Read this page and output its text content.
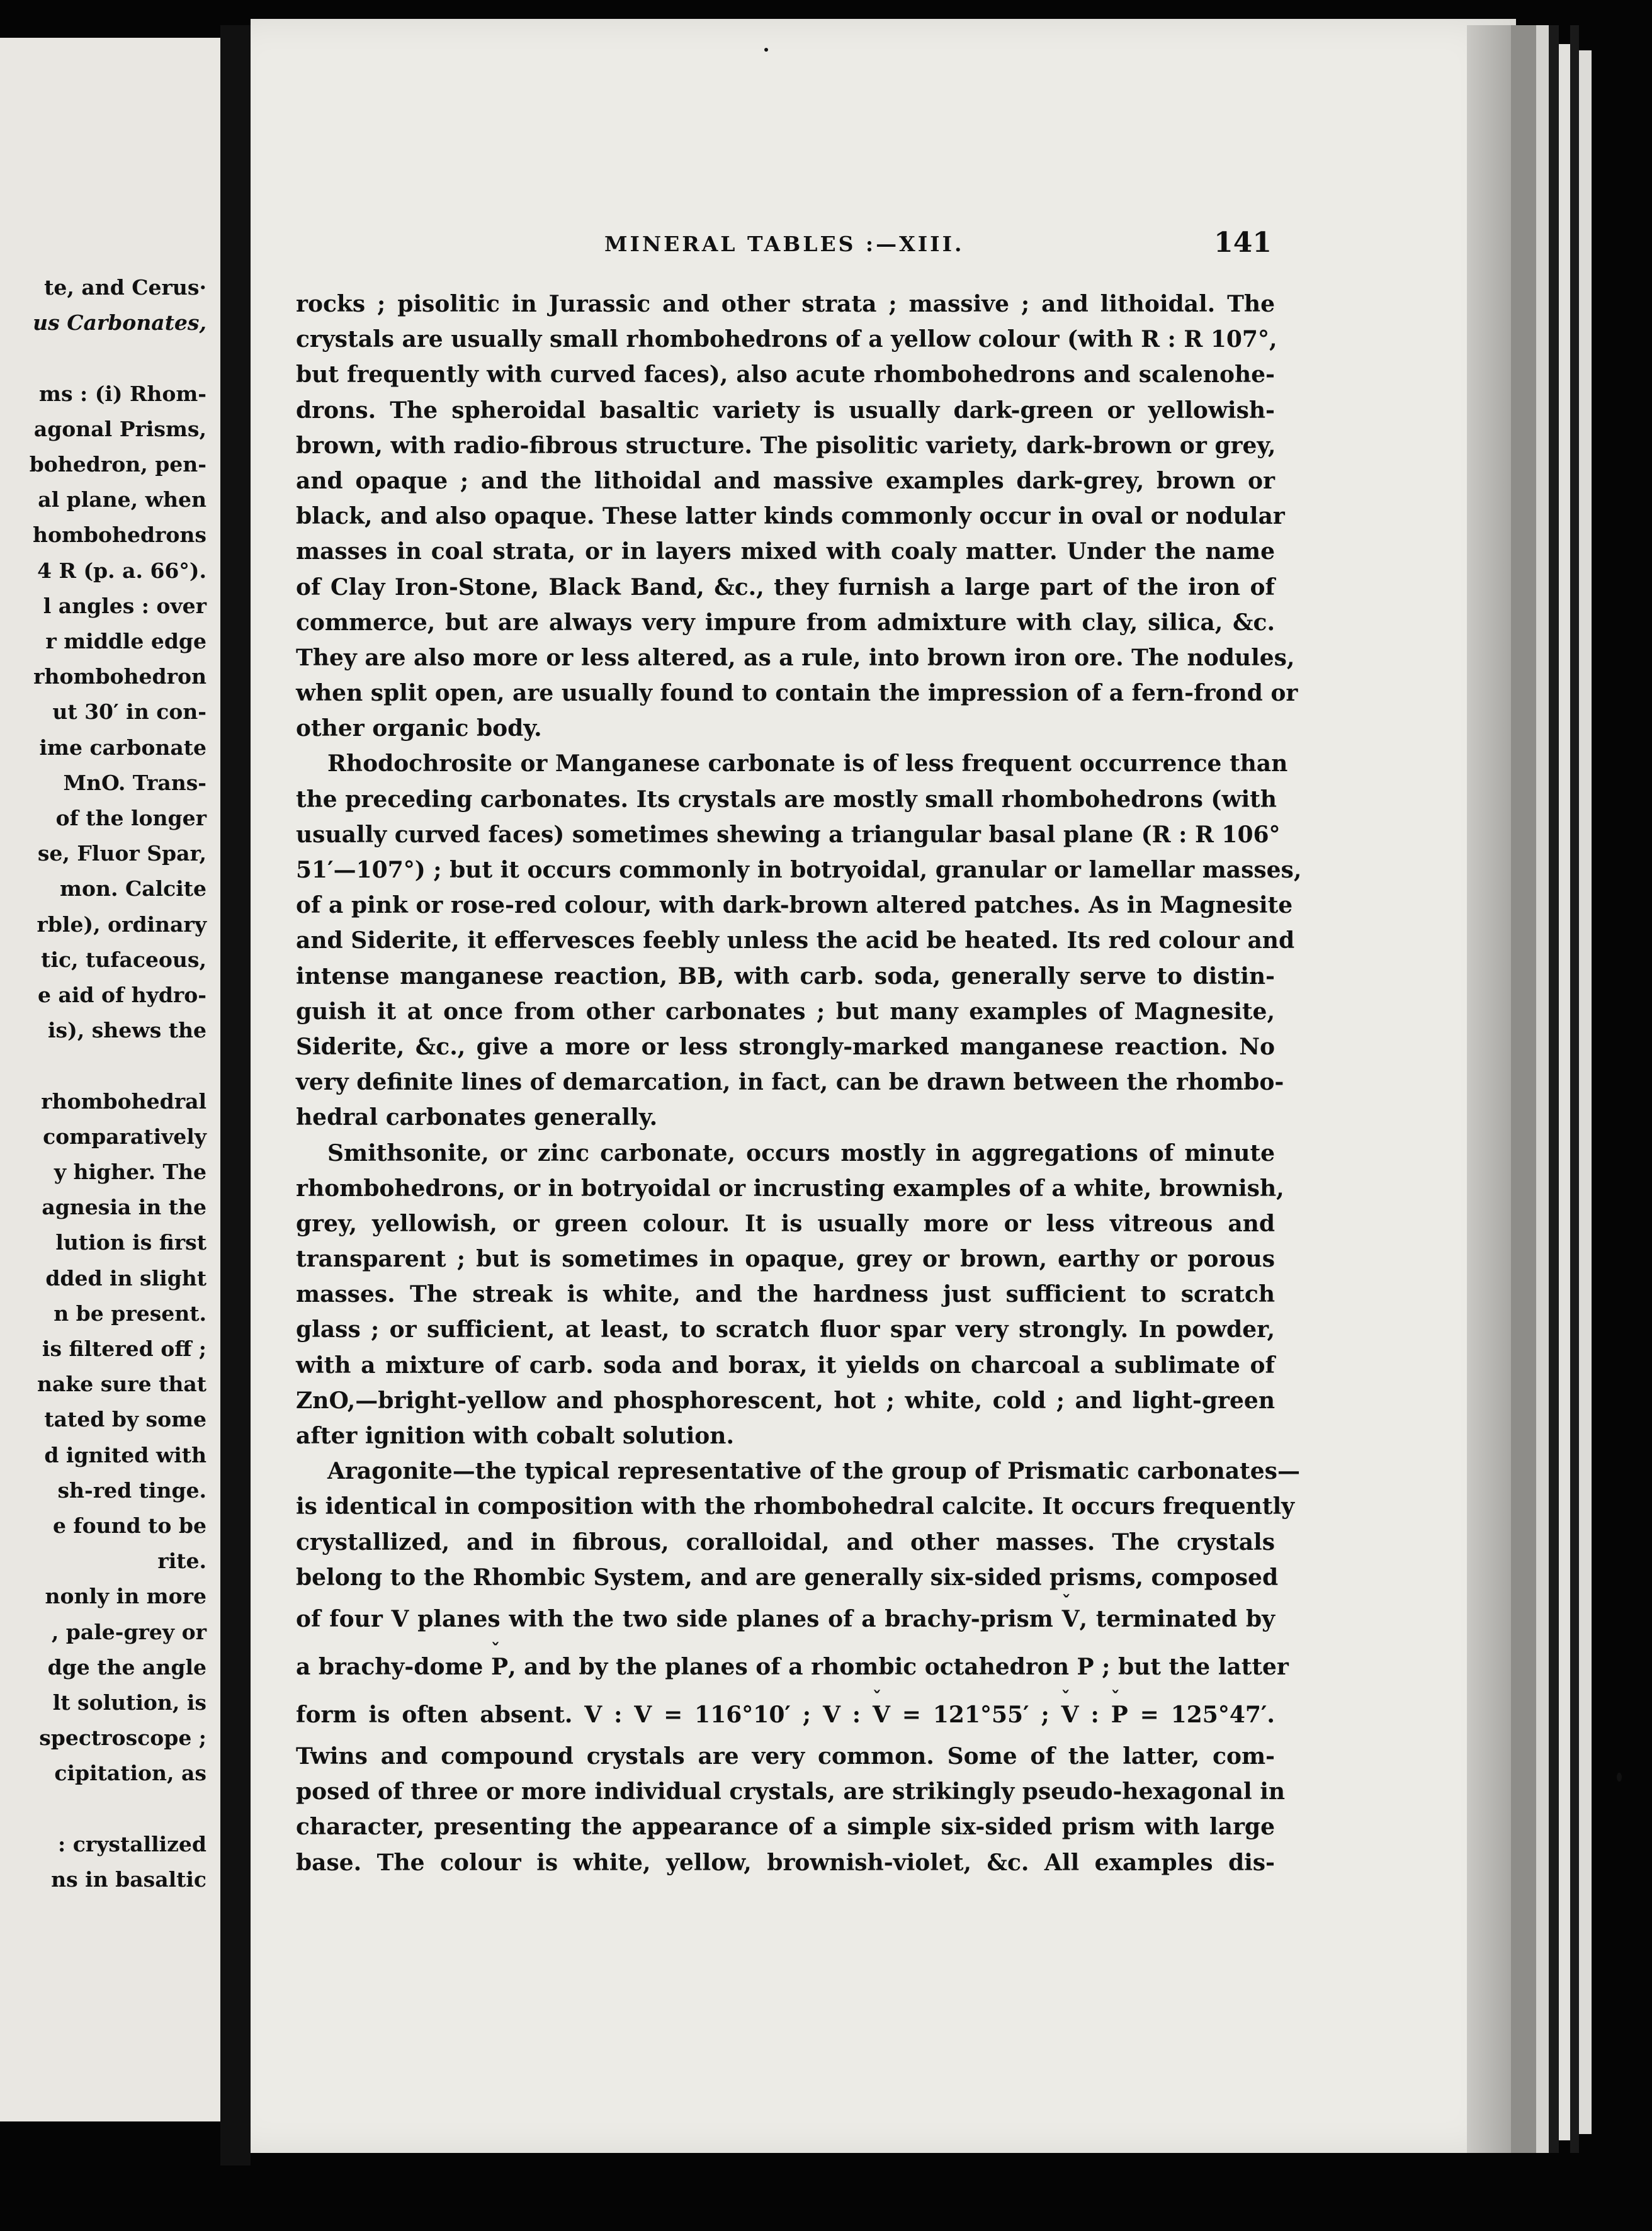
te, and Cerus·
us Carbonates,
ms : (i) Rhom-
agonal Prisms,
bohedron, pen-
al plane, when
hombohedrons
4 R (p. a. 66°).
l angles : over
r middle edge
rhombohedron
ut 30′ in con-
ime carbonate
MnO. Trans-
of the longer
se, Fluor Spar,
mon. Calcite
rble), ordinary
tic, tufaceous,
e aid of hydro-
is), shews the
rhombohedral
comparatively
y higher. The
agnesia in the
lution is first
dded in slight
n be present.
is filtered off ;
nake sure that
tated by some
d ignited with
sh-red tinge.
e found to be
rite.
nonly in more
, pale-grey or
dge the angle
lt solution, is
spectroscope ;
cipitation, as
: crystallized
ns in basaltic
MINERAL TABLES :—XIII.	141
rocks ; pisolitic in Jurassic and other strata ; massive ; and lithoidal. The
crystals are usually small rhombohedrons of a yellow colour (with R : R 107°,
but frequently with curved faces), also acute rhombohedrons and scalenohe-
drons. The spheroidal basaltic variety is usually dark-green or yellowish-
brown, with radio-fibrous structure. The pisolitic variety, dark-brown or grey,
and opaque ; and the lithoidal and massive examples dark-grey, brown or
black, and also opaque. These latter kinds commonly occur in oval or nodular
masses in coal strata, or in layers mixed with coaly matter. Under the name
of Clay Iron-Stone, Black Band, &c., they furnish a large part of the iron of
commerce, but are always very impure from admixture with clay, silica, &c.
They are also more or less altered, as a rule, into brown iron ore. The nodules,
when split open, are usually found to contain the impression of a fern-frond or
other organic body.
Rhodochrosite or Manganese carbonate is of less frequent occurrence than
the preceding carbonates. Its crystals are mostly small rhombohedrons (with
usually curved faces) sometimes shewing a triangular basal plane (R : R 106°
51′—107°) ; but it occurs commonly in botryoidal, granular or lamellar masses,
of a pink or rose-red colour, with dark-brown altered patches. As in Magnesite
and Siderite, it effervesces feebly unless the acid be heated. Its red colour and
intense manganese reaction, BB, with carb. soda, generally serve to distin-
guish it at once from other carbonates ; but many examples of Magnesite,
Siderite, &c., give a more or less strongly-marked manganese reaction. No
very definite lines of demarcation, in fact, can be drawn between the rhombo-
hedral carbonates generally.
Smithsonite, or zinc carbonate, occurs mostly in aggregations of minute
rhombohedrons, or in botryoidal or incrusting examples of a white, brownish,
grey, yellowish, or green colour. It is usually more or less vitreous and
transparent ; but is sometimes in opaque, grey or brown, earthy or porous
masses. The streak is white, and the hardness just sufficient to scratch
glass ; or sufficient, at least, to scratch fluor spar very strongly. In powder,
with a mixture of carb. soda and borax, it yields on charcoal a sublimate of
ZnO,—bright-yellow and phosphorescent, hot ; white, cold ; and light-green
after ignition with cobalt solution.
Aragonite—the typical representative of the group of Prismatic carbonates—
is identical in composition with the rhombohedral calcite. It occurs frequently
crystallized, and in fibrous, coralloidal, and other masses. The crystals
belong to the Rhombic System, and are generally six-sided prisms, composed
of four V planes with the two side planes of a brachy-prism ˇ V, terminated by
a brachy-dome ˇ P, and by the planes of a rhombic octahedron P ; but the latter
form is often absent. V : V = 116°10′ ; V : ˇ V = 121°55′ ; ˇ V : ˇ P = 125°47′.
Twins and compound crystals are very common. Some of the latter, com-
posed of three or more individual crystals, are strikingly pseudo-hexagonal in
character, presenting the appearance of a simple six-sided prism with large
base. The colour is white, yellow, brownish-violet, &c. All examples dis-
